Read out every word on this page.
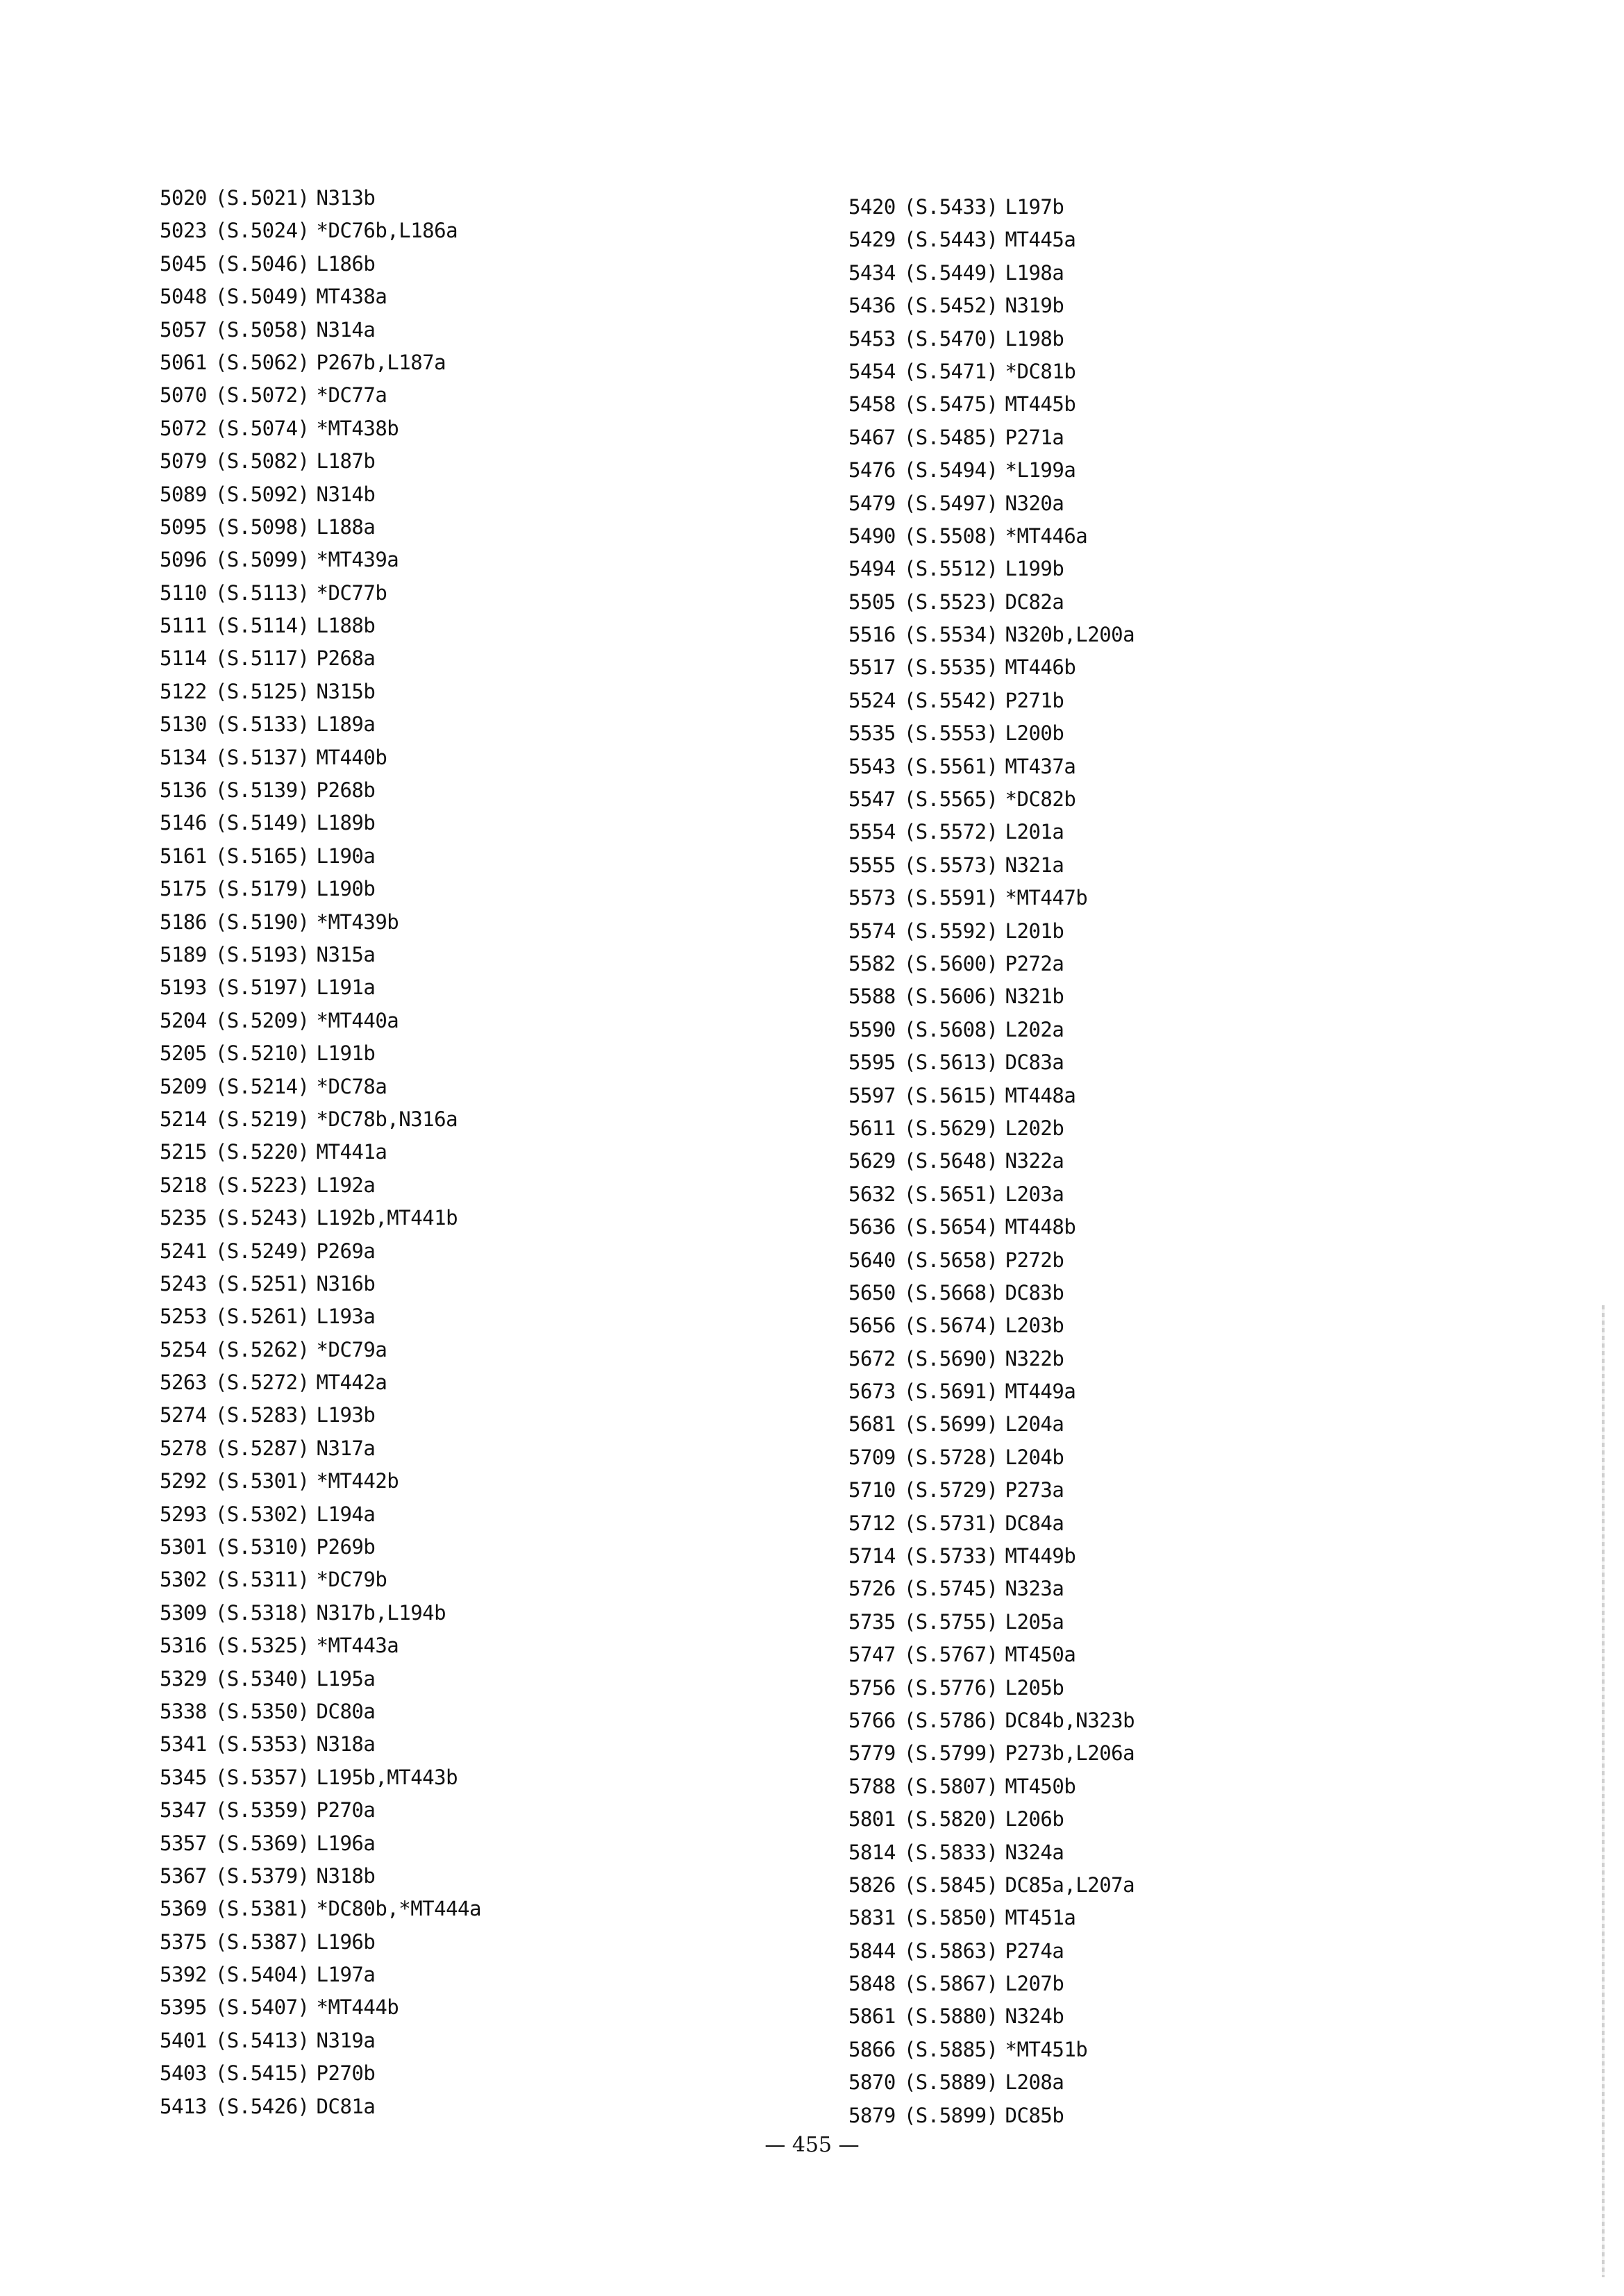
5020 (S.5021) N313b
5023 (S.5024) *DC76b,L186a
5045 (S.5046) L186b
5048 (S.5049) MT438a
5057 (S.5058) N314a
5061 (S.5062) P267b,L187a
5070 (S.5072) *DC77a
5072 (S.5074) *MT438b
5079 (S.5082) L187b
5089 (S.5092) N314b
5095 (S.5098) L188a
5096 (S.5099) *MT439a
5110 (S.5113) *DC77b
5111 (S.5114) L188b
5114 (S.5117) P268a
5122 (S.5125) N315b
5130 (S.5133) L189a
5134 (S.5137) MT440b
5136 (S.5139) P268b
5146 (S.5149) L189b
5161 (S.5165) L190a
5175 (S.5179) L190b
5186 (S.5190) *MT439b
5189 (S.5193) N315a
5193 (S.5197) L191a
5204 (S.5209) *MT440a
5205 (S.5210) L191b
5209 (S.5214) *DC78a
5214 (S.5219) *DC78b,N316a
5215 (S.5220) MT441a
5218 (S.5223) L192a
5235 (S.5243) L192b,MT441b
5241 (S.5249) P269a
5243 (S.5251) N316b
5253 (S.5261) L193a
5254 (S.5262) *DC79a
5263 (S.5272) MT442a
5274 (S.5283) L193b
5278 (S.5287) N317a
5292 (S.5301) *MT442b
5293 (S.5302) L194a
5301 (S.5310) P269b
5302 (S.5311) *DC79b
5309 (S.5318) N317b,L194b
5316 (S.5325) *MT443a
5329 (S.5340) L195a
5338 (S.5350) DC80a
5341 (S.5353) N318a
5345 (S.5357) L195b,MT443b
5347 (S.5359) P270a
5357 (S.5369) L196a
5367 (S.5379) N318b
5369 (S.5381) *DC80b,*MT444a
5375 (S.5387) L196b
5392 (S.5404) L197a
5395 (S.5407) *MT444b
5401 (S.5413) N319a
5403 (S.5415) P270b
5413 (S.5426) DC81a
5420 (S.5433) L197b
5429 (S.5443) MT445a
5434 (S.5449) L198a
5436 (S.5452) N319b
5453 (S.5470) L198b
5454 (S.5471) *DC81b
5458 (S.5475) MT445b
5467 (S.5485) P271a
5476 (S.5494) *L199a
5479 (S.5497) N320a
5490 (S.5508) *MT446a
5494 (S.5512) L199b
5505 (S.5523) DC82a
5516 (S.5534) N320b,L200a
5517 (S.5535) MT446b
5524 (S.5542) P271b
5535 (S.5553) L200b
5543 (S.5561) MT437a
5547 (S.5565) *DC82b
5554 (S.5572) L201a
5555 (S.5573) N321a
5573 (S.5591) *MT447b
5574 (S.5592) L201b
5582 (S.5600) P272a
5588 (S.5606) N321b
5590 (S.5608) L202a
5595 (S.5613) DC83a
5597 (S.5615) MT448a
5611 (S.5629) L202b
5629 (S.5648) N322a
5632 (S.5651) L203a
5636 (S.5654) MT448b
5640 (S.5658) P272b
5650 (S.5668) DC83b
5656 (S.5674) L203b
5672 (S.5690) N322b
5673 (S.5691) MT449a
5681 (S.5699) L204a
5709 (S.5728) L204b
5710 (S.5729) P273a
5712 (S.5731) DC84a
5714 (S.5733) MT449b
5726 (S.5745) N323a
5735 (S.5755) L205a
5747 (S.5767) MT450a
5756 (S.5776) L205b
5766 (S.5786) DC84b,N323b
5779 (S.5799) P273b,L206a
5788 (S.5807) MT450b
5801 (S.5820) L206b
5814 (S.5833) N324a
5826 (S.5845) DC85a,L207a
5831 (S.5850) MT451a
5844 (S.5863) P274a
5848 (S.5867) L207b
5861 (S.5880) N324b
5866 (S.5885) *MT451b
5870 (S.5889) L208a
5879 (S.5899) DC85b
— 455 —
